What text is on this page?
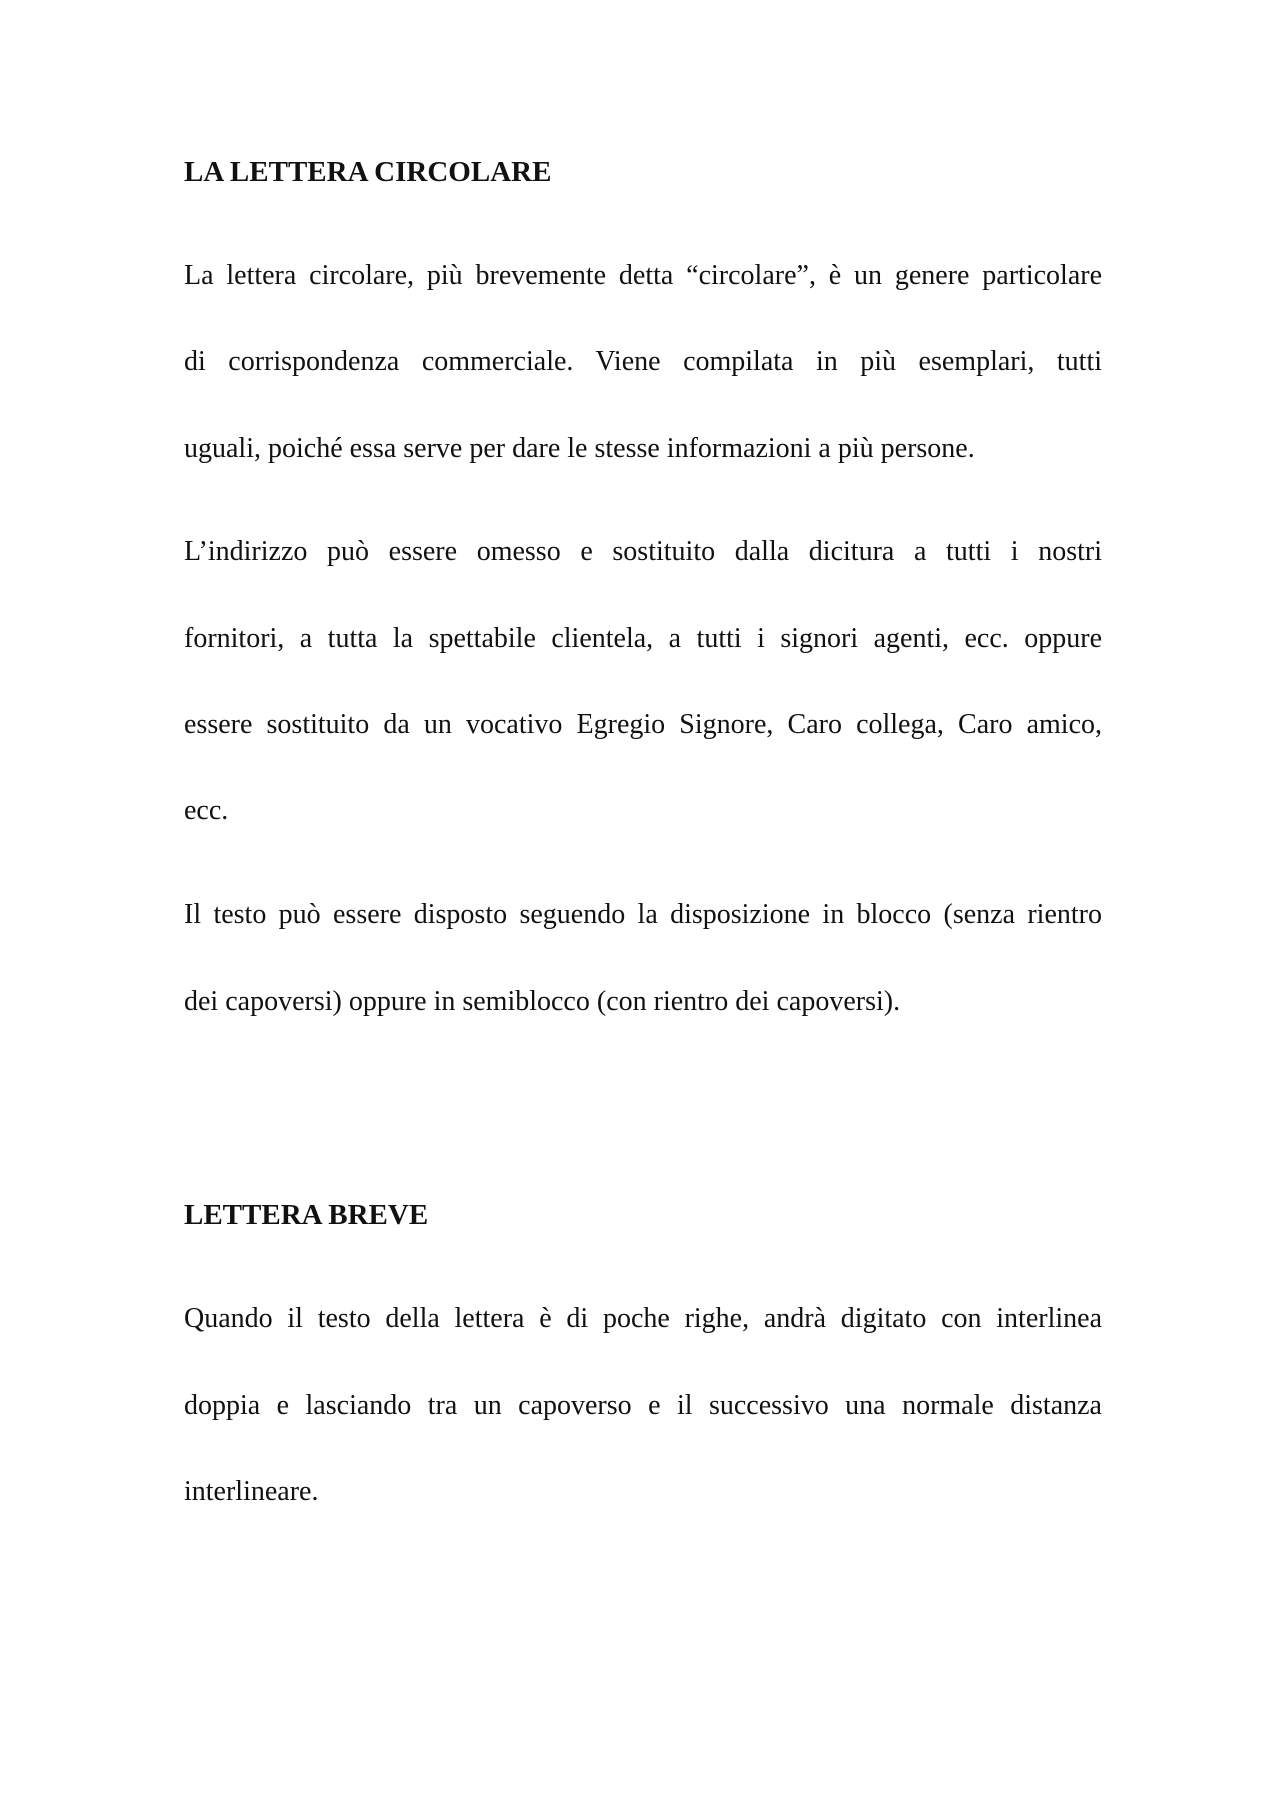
LA LETTERA CIRCOLARE

La lettera circolare, più brevemente detta “circolare”, è un genere particolare

di corrispondenza commerciale. Viene compilata in più esemplari, tutti

uguali, poiché essa serve per dare le stesse informazioni a più persone.

L’indirizzo può essere omesso e sostituito dalla dicitura a tutti i nostri

fornitori, a tutta la spettabile clientela, a tutti i signori agenti, ecc. oppure

essere sostituito da un vocativo Egregio Signore, Caro collega, Caro amico,

ecc.

Il testo può essere disposto seguendo la disposizione in blocco (senza rientro

dei capoversi) oppure in semiblocco (con rientro dei capoversi).

LETTERA BREVE

Quando il testo della lettera è di poche righe, andrà digitato con interlinea

doppia e lasciando tra un capoverso e il successivo una normale distanza

interlineare.
